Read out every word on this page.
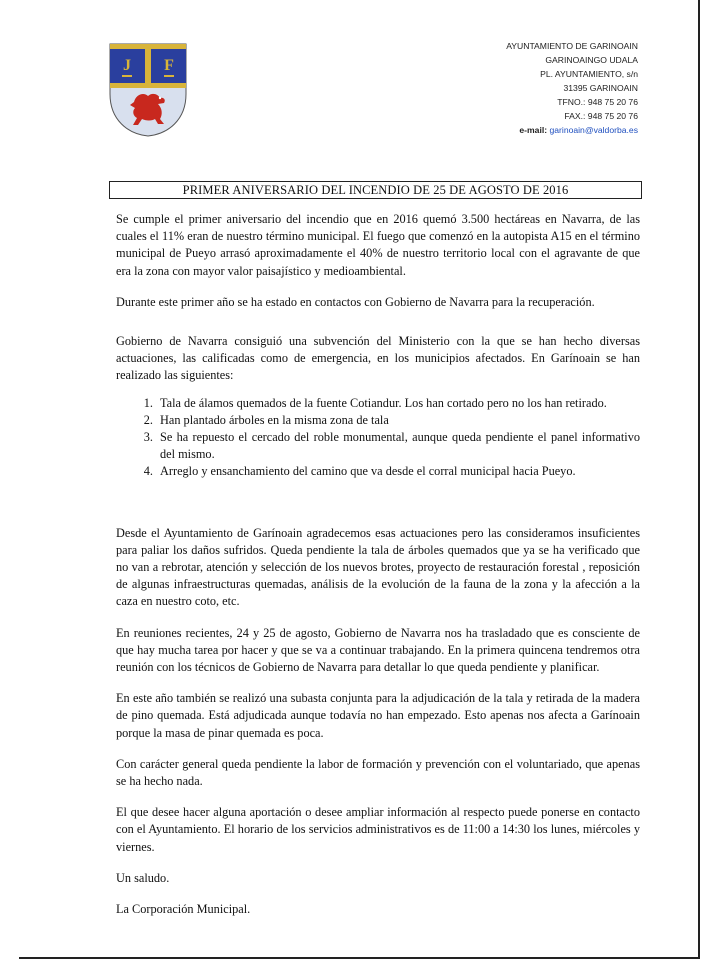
J F
AYUNTAMIENTO DE GARINOAIN
GARINOAINGO UDALA
PL. AYUNTAMIENTO, s/n
31395 GARINOAIN
TFNO.: 948 75 20 76
FAX.: 948 75 20 76
e-mail: garinoain@valdorba.es
PRIMER ANIVERSARIO DEL INCENDIO DE 25 DE AGOSTO DE 2016

Se cumple el primer aniversario del incendio que en 2016 quemó 3.500 hectáreas en Navarra, de las cuales el 11% eran de nuestro término municipal. El fuego que comenzó en la autopista A15 en el término municipal de Pueyo arrasó aproximadamente el 40% de nuestro territorio local con el agravante de que era la zona con mayor valor paisajístico y medioambiental.

Durante este primer año se ha estado en contactos con Gobierno de Navarra para la recuperación.

Gobierno de Navarra consiguió una subvención del Ministerio con la que se han hecho diversas actuaciones, las calificadas como de emergencia, en los municipios afectados. En Garínoain se han realizado las siguientes:

1. Tala de álamos quemados de la fuente Cotiandur. Los han cortado pero no los han retirado.
2. Han plantado árboles en la misma zona de tala
3. Se ha repuesto el cercado del roble monumental, aunque queda pendiente el panel informativo del mismo.
4. Arreglo y ensanchamiento del camino que va desde el corral municipal hacia Pueyo.

Desde el Ayuntamiento de Garínoain agradecemos esas actuaciones pero las consideramos insuficientes para paliar los daños sufridos. Queda pendiente la tala de árboles quemados que ya se ha verificado que no van a rebrotar, atención y selección de los nuevos brotes, proyecto de restauración forestal , reposición de algunas infraestructuras quemadas, análisis de la evolución de la fauna de la zona y la afección a la caza en nuestro coto, etc.

En reuniones recientes, 24 y 25 de agosto, Gobierno de Navarra nos ha trasladado que es consciente de que hay mucha tarea por hacer y que se va a continuar trabajando. En la primera quincena tendremos otra reunión con los técnicos de Gobierno de Navarra para detallar lo que queda pendiente y planificar.

En este año también se realizó una subasta conjunta para la adjudicación de la tala y retirada de la madera de pino quemada. Está adjudicada aunque todavía no han empezado. Esto apenas nos afecta a Garínoain porque la masa de pinar quemada es poca.

Con carácter general queda pendiente la labor de formación y prevención con el voluntariado, que apenas se ha hecho nada.

El que desee hacer alguna aportación o desee ampliar información al respecto puede ponerse en contacto con el Ayuntamiento. El horario de los servicios administrativos es de 11:00 a 14:30 los lunes, miércoles y viernes.

Un saludo.

La Corporación Municipal.
